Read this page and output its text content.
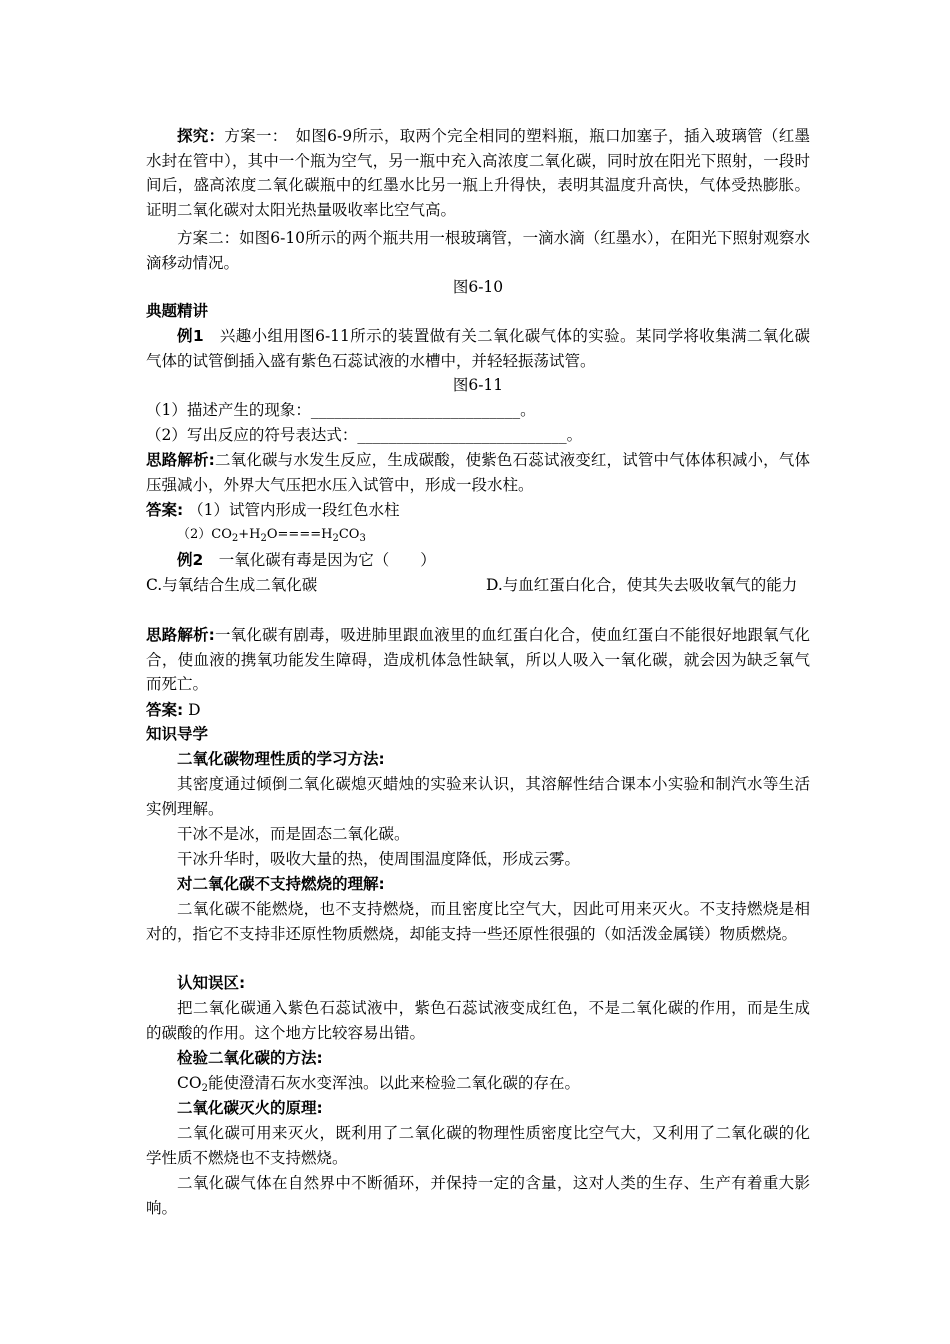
探究：方案一：　如图6-9所示，取两个完全相同的塑料瓶，瓶口加塞子，插入玻璃管（红墨水封在管中），其中一个瓶为空气，另一瓶中充入高浓度二氧化碳，同时放在阳光下照射，一段时间后，盛高浓度二氧化碳瓶中的红墨水比另一瓶上升得快，表明其温度升高快，气体受热膨胀。证明二氧化碳对太阳光热量吸收率比空气高。
方案二：如图6-10所示的两个瓶共用一根玻璃管，一滴水滴（红墨水），在阳光下照射观察水滴移动情况。
图6-10
典题精讲
例1　兴趣小组用图6-11所示的装置做有关二氧化碳气体的实验。某同学将收集满二氧化碳气体的试管倒插入盛有紫色石蕊试液的水槽中，并轻轻振荡试管。
图6-11
（1）描述产生的现象：___________________________。
（2）写出反应的符号表达式：___________________________。
思路解析:二氧化碳与水发生反应，生成碳酸，使紫色石蕊试液变红，试管中气体体积减小，气体压强减小，外界大气压把水压入试管中，形成一段水柱。
答案: （1）试管内形成一段红色水柱
$(2)CO_2+H_2O====H_2CO_3$
例2　一氧化碳有毒是因为它（　　）
C.与氧结合生成二氧化碳	D.与血红蛋白化合，使其失去吸收氧气的能力
思路解析:一氧化碳有剧毒，吸进肺里跟血液里的血红蛋白化合，使血红蛋白不能很好地跟氧气化合，使血液的携氧功能发生障碍，造成机体急性缺氧，所以人吸入一氧化碳，就会因为缺乏氧气而死亡。
答案: D
知识导学
二氧化碳物理性质的学习方法:
其密度通过倾倒二氧化碳熄灭蜡烛的实验来认识，其溶解性结合课本小实验和制汽水等生活实例理解。
干冰不是冰，而是固态二氧化碳。
干冰升华时，吸收大量的热，使周围温度降低，形成云雾。
对二氧化碳不支持燃烧的理解:
二氧化碳不能燃烧，也不支持燃烧，而且密度比空气大，因此可用来灭火。不支持燃烧是相对的，指它不支持非还原性物质燃烧，却能支持一些还原性很强的（如活泼金属镁）物质燃烧。
认知误区:
把二氧化碳通入紫色石蕊试液中，紫色石蕊试液变成红色，不是二氧化碳的作用，而是生成的碳酸的作用。这个地方比较容易出错。
检验二氧化碳的方法:
$CO_2$能使澄清石灰水变浑浊。以此来检验二氧化碳的存在。
二氧化碳灭火的原理:
二氧化碳可用来灭火，既利用了二氧化碳的物理性质密度比空气大，又利用了二氧化碳的化学性质不燃烧也不支持燃烧。
二氧化碳气体在自然界中不断循环，并保持一定的含量，这对人类的生存、生产有着重大影响。
